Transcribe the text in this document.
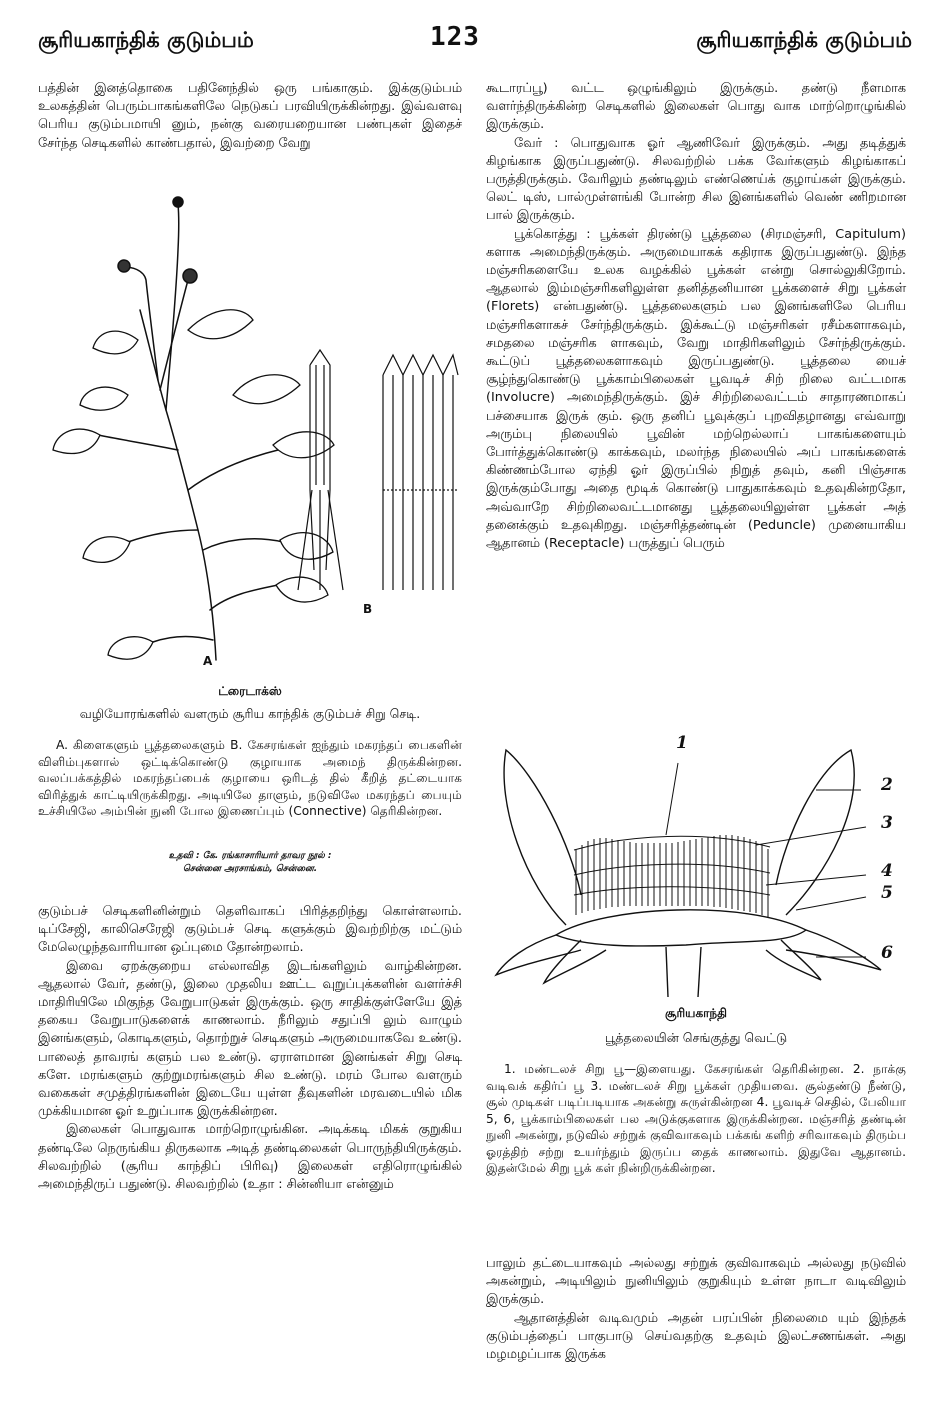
சூரியகாந்திக் குடும்பம்	123	சூரியகாந்திக் குடும்பம்

பத்தின் இனத்தொகை பதினேந்தில் ஒரு பங்காகும். இக்குடும்பம் உலகத்தின் பெரும்பாகங்களிலே நெடுகப் பரவியிருக்கின்றது. இவ்வளவு பெரிய குடும்பமாயி னும், நன்கு வரையறையான பண்புகள் இதைச் சேர்ந்த செடிகளில் காண்பதால், இவற்றை வேறு

B
A

ட்ரைடாக்ஸ்

வழியோரங்களில் வளரும் சூரிய காந்திக் குடும்பச் சிறு செடி.

A. கிளைகளும் பூத்தலைகளும் B. கேசரங்கள் ஐந்தும் மகரந்தப் பைகளின் விளிம்புகளால் ஒட்டிக்கொண்டு குழாயாக அமைந் திருக்கின்றன. வலப்பக்கத்தில் மகரந்தப்பைக் குழாயை ஒரிடத் தில் கீறித் தட்டையாக விரித்துக் காட்டியிருக்கிறது. அடியிலே தாளும், நடுவிலே மகரந்தப் பையும் உச்சியிலே அம்பின் நுனி போல இணைப்பும் (Connective) தெரிகின்றன.

உதவி : கே. ரங்காசாரியார் தாவர நூல் :

சென்னை அரசாங்கம், சென்னை.

குடும்பச் செடிகளினின்றும் தெளிவாகப் பிரித்தறிந்து கொள்ளலாம். டிப்சேஜி, காலிசெரேஜி குடும்பச் செடி களுக்கும் இவற்றிற்கு மட்டும் மேலெழுந்தவாரியான ஒப்புமை தோன்றலாம்.

இவை ஏறக்குறைய எல்லாவித இடங்களிலும் வாழ்கின்றன. ஆதலால் வேர், தண்டு, இலை முதலிய ஊட்ட வுறுப்புக்களின் வளர்ச்சி மாதிரியிலே மிகுந்த வேறுபாடுகள் இருக்கும். ஒரு சாதிக்குள்ளேயே இத் தகைய வேறுபாடுகளைக் காணலாம். நீரிலும் சதுப்பி லும் வாழும் இனங்களும், கொடிகளும், தொற்றுச் செடிகளும் அருமையாகவே உண்டு. பாலைத் தாவரங் களும் பல உண்டு. ஏராளமான இனங்கள் சிறு செடி களே. மரங்களும் குற்றுமரங்களும் சில உண்டு. மரம் போல வளரும் வகைகள் சமுத்திரங்களின் இடையே யுள்ள தீவுகளின் மரவடையில் மிக முக்கியமான ஓர் உறுப்பாக இருக்கின்றன.

இலைகள் பொதுவாக மாற்றொழுங்கின. அடிக்கடி மிகக் குறுகிய தண்டிலே நெருங்கிய திருகலாக அடித் தண்டிலைகள் பொருந்தியிருக்கும். சிலவற்றில் (சூரிய காந்திப் பிரிவு) இலைகள் எதிரொழுங்கில் அமைந்திருப் பதுண்டு. சிலவற்றில் (உதா : சின்னியா என்னும்

கூடாரப்பூ) வட்ட ஒழுங்கிலும் இருக்கும். தண்டு நீளமாக வளர்ந்திருக்கின்ற செடிகளில் இலைகள் பொது வாக மாற்றொழுங்கில் இருக்கும்.

வேர் : பொதுவாக ஓர் ஆணிவேர் இருக்கும். அது தடித்துக் கிழங்காக இருப்பதுண்டு. சிலவற்றில் பக்க வேர்களும் கிழங்காகப் பருத்திருக்கும். வேரிலும் தண்டிலும் எண்ணெய்க் குழாய்கள் இருக்கும். லெட் டிஸ், பால்முள்ளங்கி போன்ற சில இனங்களில் வெண் ணிறமான பால் இருக்கும்.

பூக்கொத்து : பூக்கள் திரண்டு பூத்தலை (சிரமஞ்சரி, Capitulum) களாக அமைந்திருக்கும். அருமையாகக் கதிராக இருப்பதுண்டு. இந்த மஞ்சரிகளையே உலக வழக்கில் பூக்கள் என்று சொல்லுகிறோம். ஆதலால் இம்மஞ்சரிகளிலுள்ள தனித்தனியான பூக்களைச் சிறு பூக்கள் (Florets) என்பதுண்டு. பூத்தலைகளும் பல இனங்களிலே பெரிய மஞ்சரிகளாகச் சேர்ந்திருக்கும். இக்கூட்டு மஞ்சரிகள் ரசீம்களாகவும், சமதலை மஞ்சரிக ளாகவும், வேறு மாதிரிகளிலும் சேர்ந்திருக்கும். கூட்டுப் பூத்தலைகளாகவும் இருப்பதுண்டு. பூத்தலை யைச் சூழ்ந்துகொண்டு பூக்காம்பிலைகள் பூவடிச் சிற் றிலை வட்டமாக (Involucre) அமைந்திருக்கும். இச் சிற்றிலைவட்டம் சாதாரணமாகப் பச்சையாக இருக் கும். ஒரு தனிப் பூவுக்குப் புறவிதழானது எவ்வாறு அரும்பு நிலையில் பூவின் மற்றெல்லாப் பாகங்களையும் போர்த்துக்கொண்டு காக்கவும், மலர்ந்த நிலையில் அப் பாகங்களைக் கிண்ணம்போல ஏந்தி ஓர் இருப்பில் நிறுத் தவும், கனி பிஞ்சாக இருக்கும்போது அதை மூடிக் கொண்டு பாதுகாக்கவும் உதவுகின்றதோ, அவ்வாறே சிற்றிலைவட்டமானது பூத்தலையிலுள்ள பூக்கள் அத் தனைக்கும் உதவுகிறது. மஞ்சரித்தண்டின் (Peduncle) முனையாகிய ஆதானம் (Receptacle) பருத்துப் பெரும்

1
2
3
4
5
6

சூரியகாந்தி

பூத்தலையின் செங்குத்து வெட்டு

1. மண்டலச் சிறு பூ—இளையது. கேசரங்கள் தெரிகின்றன. 2. நாக்கு வடிவக் கதிர்ப் பூ 3. மண்டலச் சிறு பூக்கள் முதியவை. சூல்தண்டு நீண்டு, சூல் முடிகள் படிப்படியாக அகன்று சுருள்கின்றன 4. பூவடிச் செதில், பேலியா 5, 6, பூக்காம்பிலைகள் பல அடுக்குகளாக இருக்கின்றன. மஞ்சரித் தண்டின் நுனி அகன்று, நடுவில் சற்றுக் குவிவாகவும் பக்கங் களிற் சரிவாகவும் திரும்ப ஓரத்திற் சற்று உயர்ந்தும் இருப்ப தைக் காணலாம். இதுவே ஆதானம். இதன்மேல் சிறு பூக் கள் நின்றிருக்கின்றன.

பாலும் தட்டையாகவும் அல்லது சற்றுக் குவிவாகவும் அல்லது நடுவில் அகன்றும், அடியிலும் நுனியிலும் குறுகியும் உள்ள நாடா வடிவிலும் இருக்கும்.

ஆதானத்தின் வடிவமும் அதன் பரப்பின் நிலைமை யும் இந்தக் குடும்பத்தைப் பாகுபாடு செய்வதற்கு உதவும் இலட்சணங்கள். அது மழமழப்பாக இருக்க
